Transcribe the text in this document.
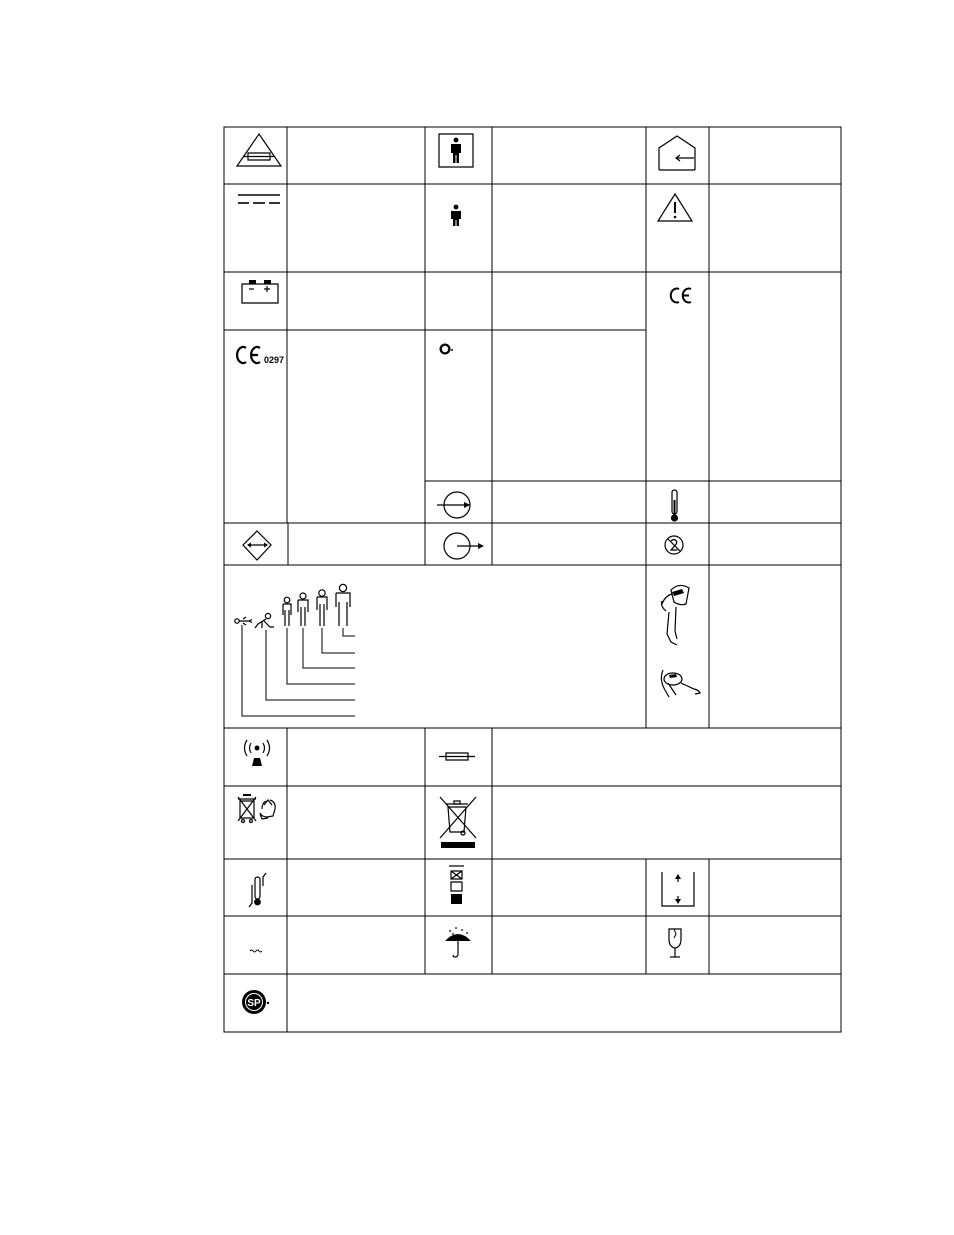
0297
SP
